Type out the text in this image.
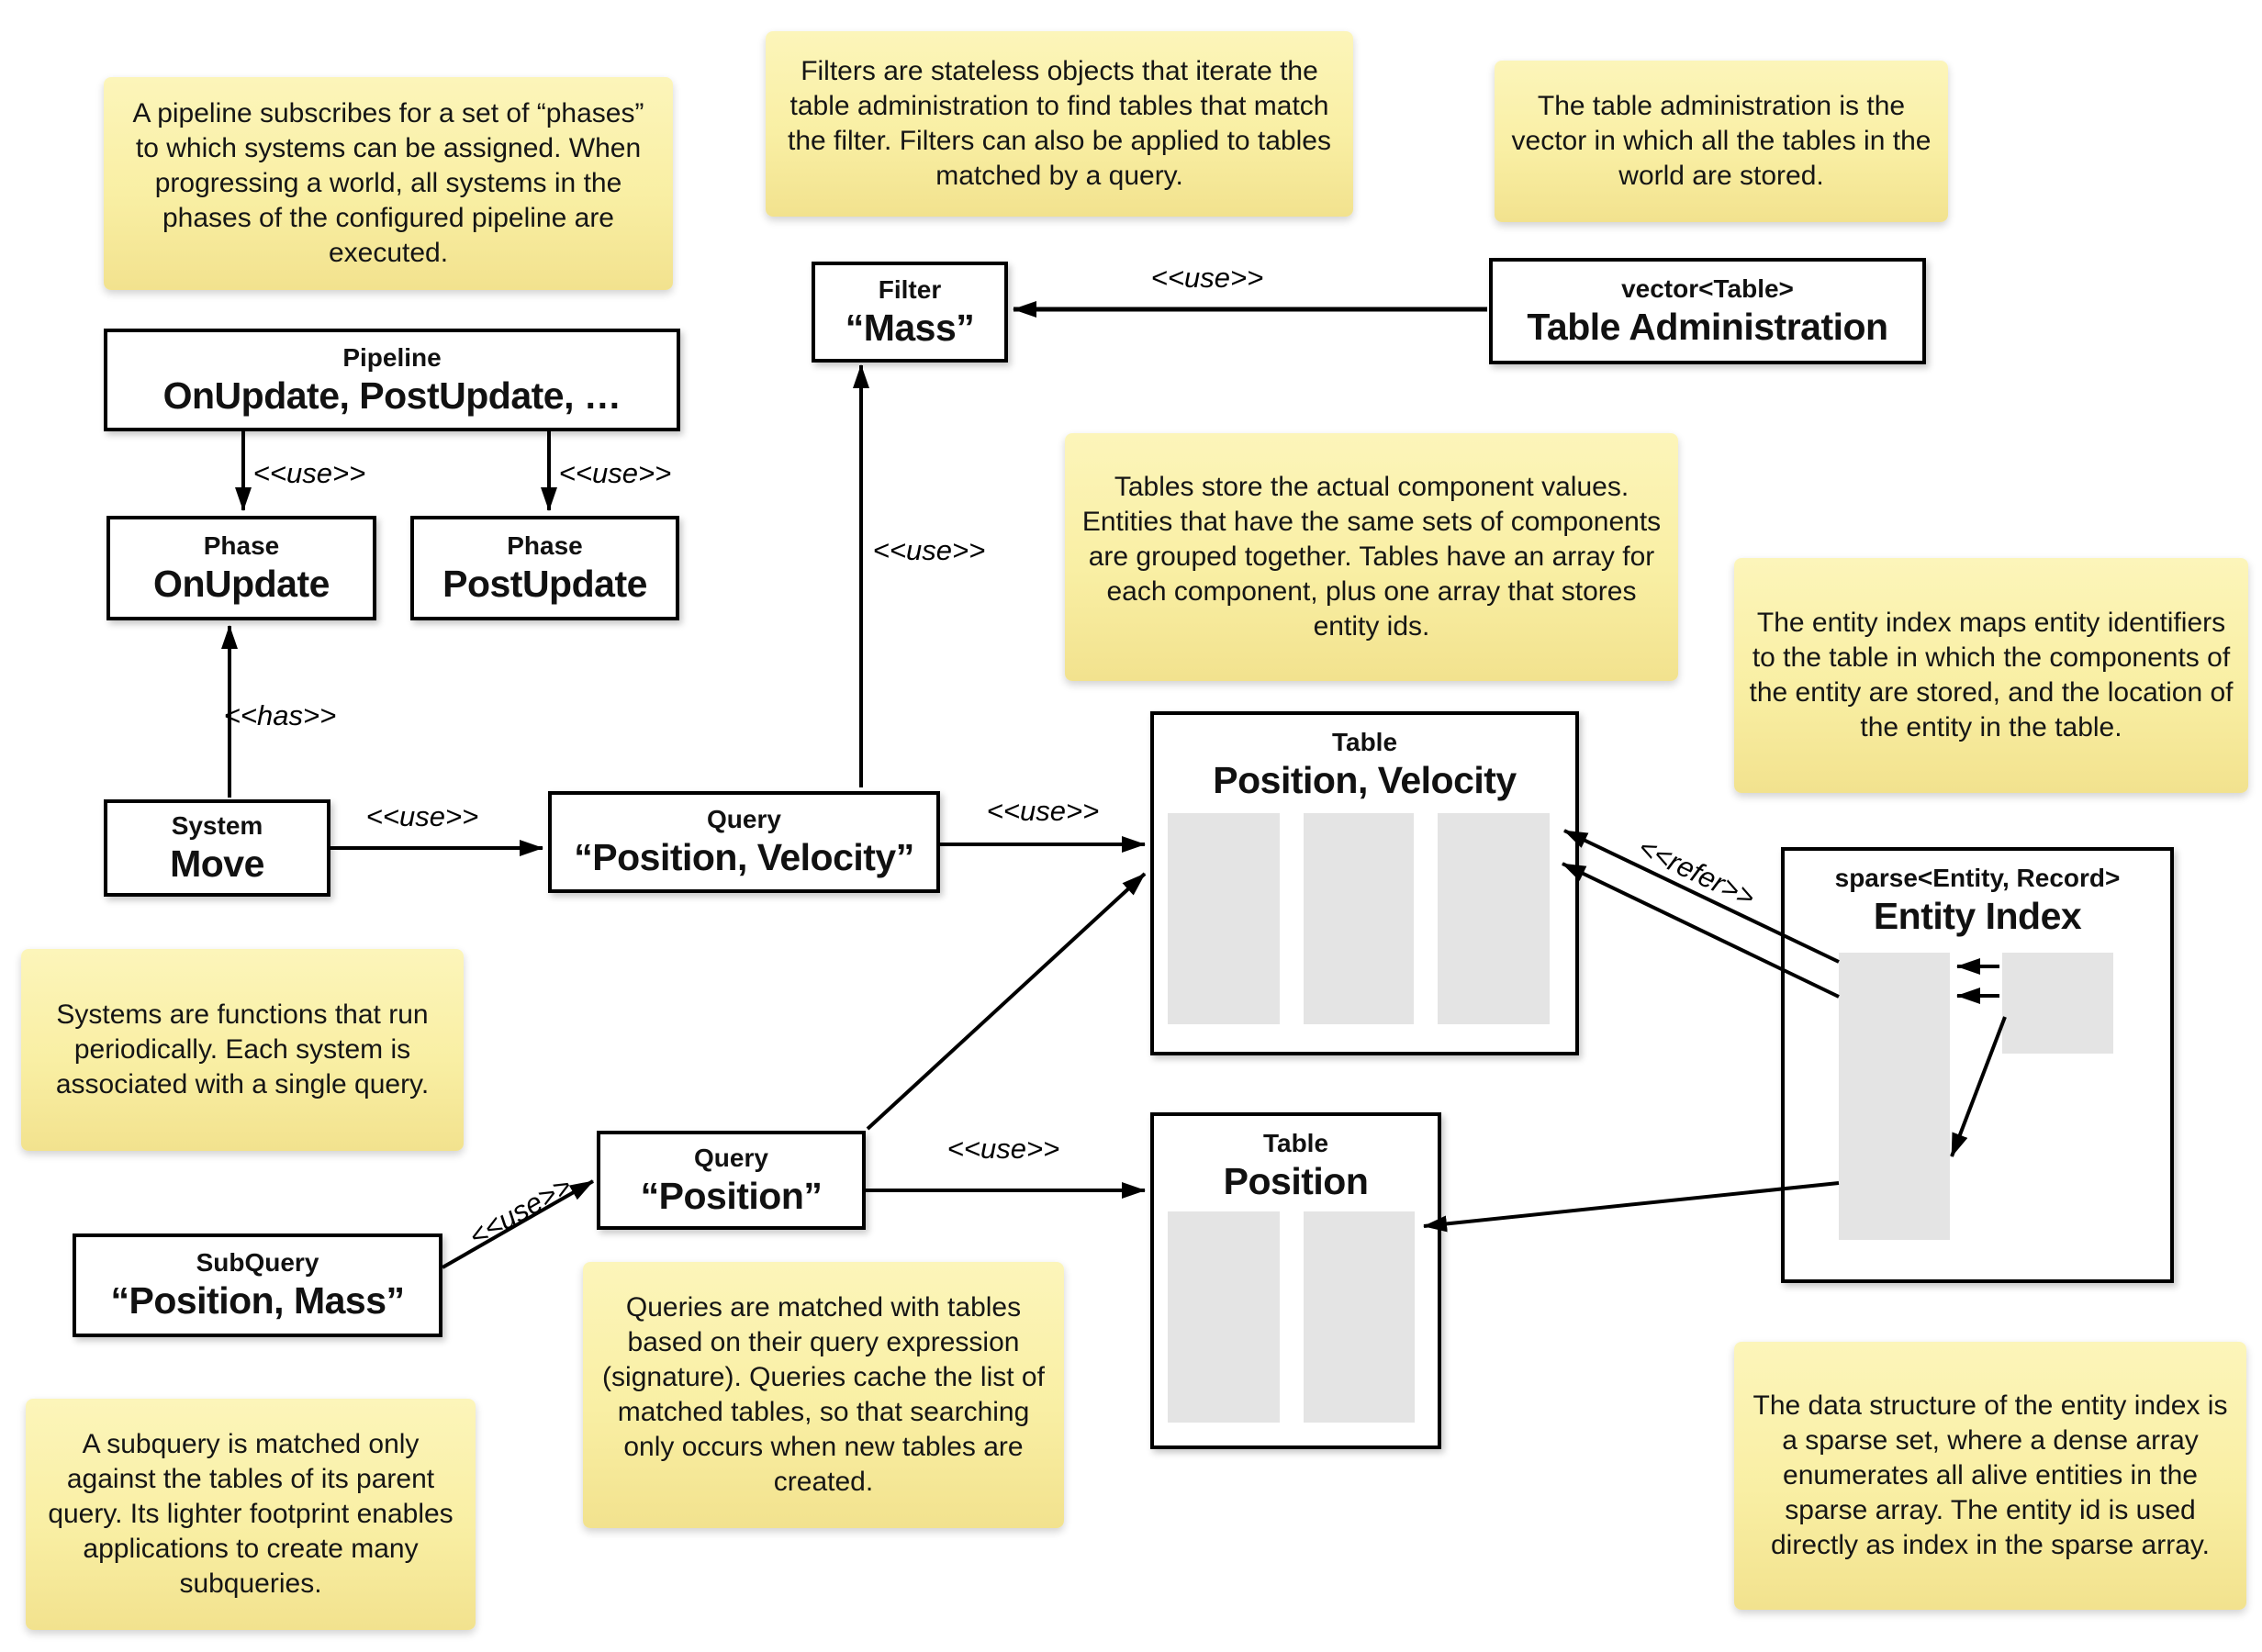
A pipeline subscribes for a set of “phases” to which systems can be assigned. When progressing a world, all systems in the phases of the configured pipeline are executed.
Filters are stateless objects that iterate the table administration to find tables that match the filter. Filters can also be applied to tables matched by a query.
The table administration is the vector in which all the tables in the world are stored.
Tables store the actual component values. Entities that have the same sets of components are grouped together. Tables have an array for each component, plus one array that stores entity ids.	The entity index maps entity identifiers to the table in which the components of the entity are stored, and the location of the entity in the table.
Systems are functions that run periodically. Each system is associated with a single query.
Queries are matched with tables based on their query expression (signature). Queries cache the list of matched tables, so that searching only occurs when new tables are created.
A subquery is matched only against the tables of its parent query. Its lighter footprint enables applications to create many subqueries.
The data structure of the entity index is a sparse set, where a dense array enumerates all alive entities in the sparse array. The entity id is used directly as index in the sparse array.
Pipeline
OnUpdate, PostUpdate, …
Phase
OnUpdate
Phase
PostUpdate
System
Move
Query
“Position, Velocity”
Filter
“Mass”
vector<Table>
Table Administration
Query
“Position”
SubQuery
“Position, Mass”
Table
Position, Velocity
Table
Position
sparse<Entity, Record>
Entity Index
<<use>>	<<use>>
<<has>>
<<use>>
<<use>>
<<use>>
<<use>>
<<use>>
<<refer>>
<<use>>
